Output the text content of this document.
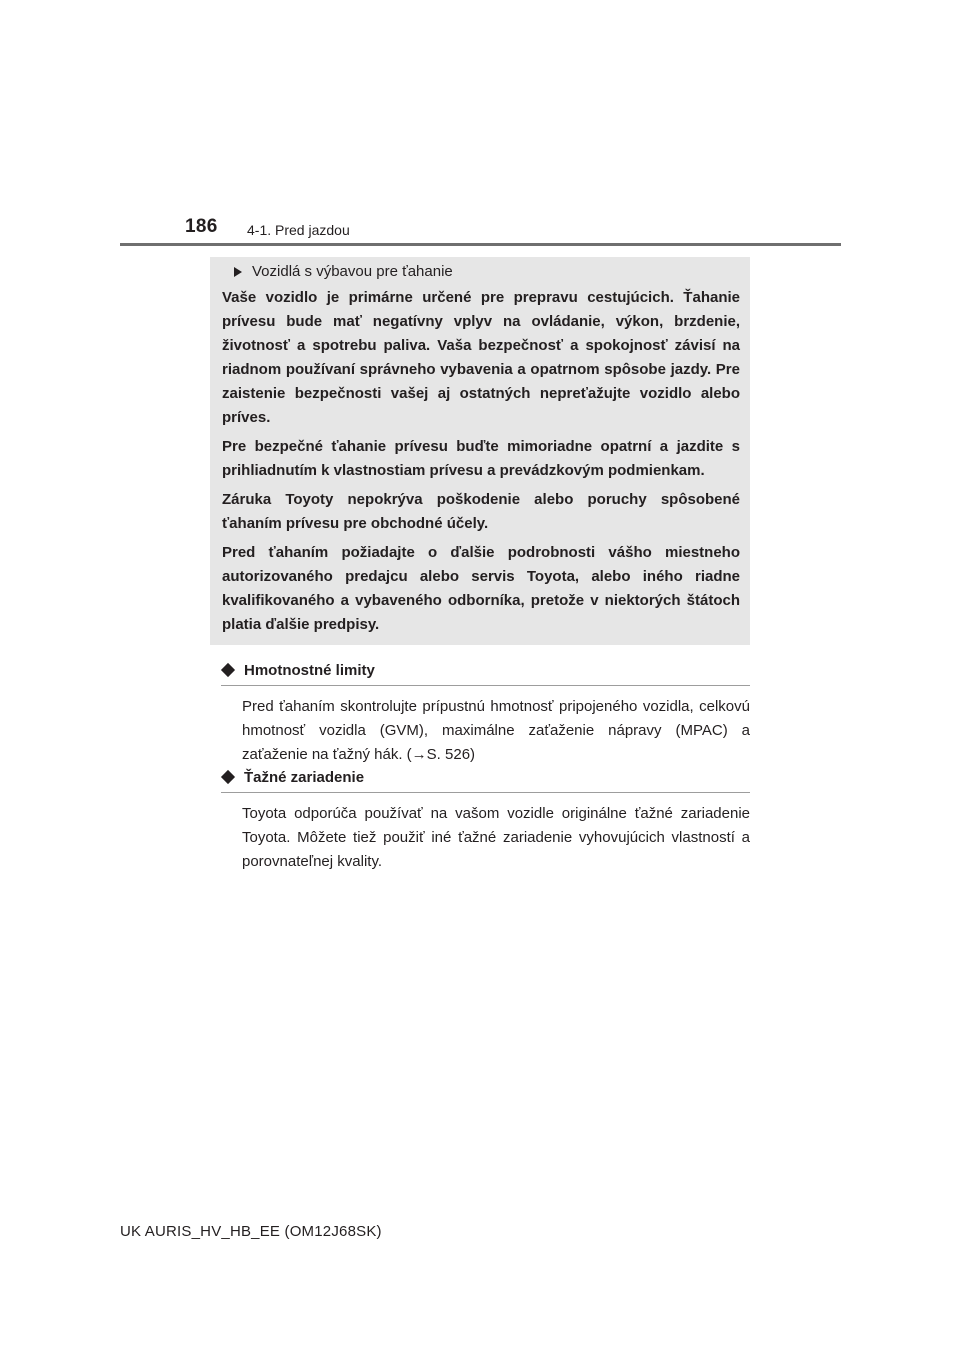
186 4-1. Pred jazdou
Vozidlá s výbavou pre ťahanie

Vaše vozidlo je primárne určené pre prepravu cestujúcich. Ťahanie prívesu bude mať negatívny vplyv na ovládanie, výkon, brzdenie, životnosť a spotrebu paliva. Vaša bezpečnosť a spokojnosť závisí na riadnom používaní správneho vybavenia a opatrnom spôsobe jazdy. Pre zaistenie bezpečnosti vašej aj ostatných nepreťažujte vozidlo alebo príves.

Pre bezpečné ťahanie prívesu buďte mimoriadne opatrní a jazdite s prihliadnutím k vlastnostiam prívesu a prevádzkovým podmienkam.

Záruka Toyoty nepokrýva poškodenie alebo poruchy spôsobené ťahaním prívesu pre obchodné účely.

Pred ťahaním požiadajte o ďalšie podrobnosti vášho miestneho autorizovaného predajcu alebo servis Toyota, alebo iného riadne kvalifikovaného a vybaveného odborníka, pretože v niektorých štátoch platia ďalšie predpisy.

Hmotnostné limity
Pred ťahaním skontrolujte prípustnú hmotnosť pripojeného vozidla, celkovú hmotnosť vozidla (GVM), maximálne zaťaženie nápravy (MPAC) a zaťaženie na ťažný hák. (→S. 526)
Ťažné zariadenie
Toyota odporúča používať na vašom vozidle originálne ťažné zariadenie Toyota. Môžete tiež použiť iné ťažné zariadenie vyhovujúcich vlastností a porovnateľnej kvality.
UK AURIS_HV_HB_EE (OM12J68SK)
